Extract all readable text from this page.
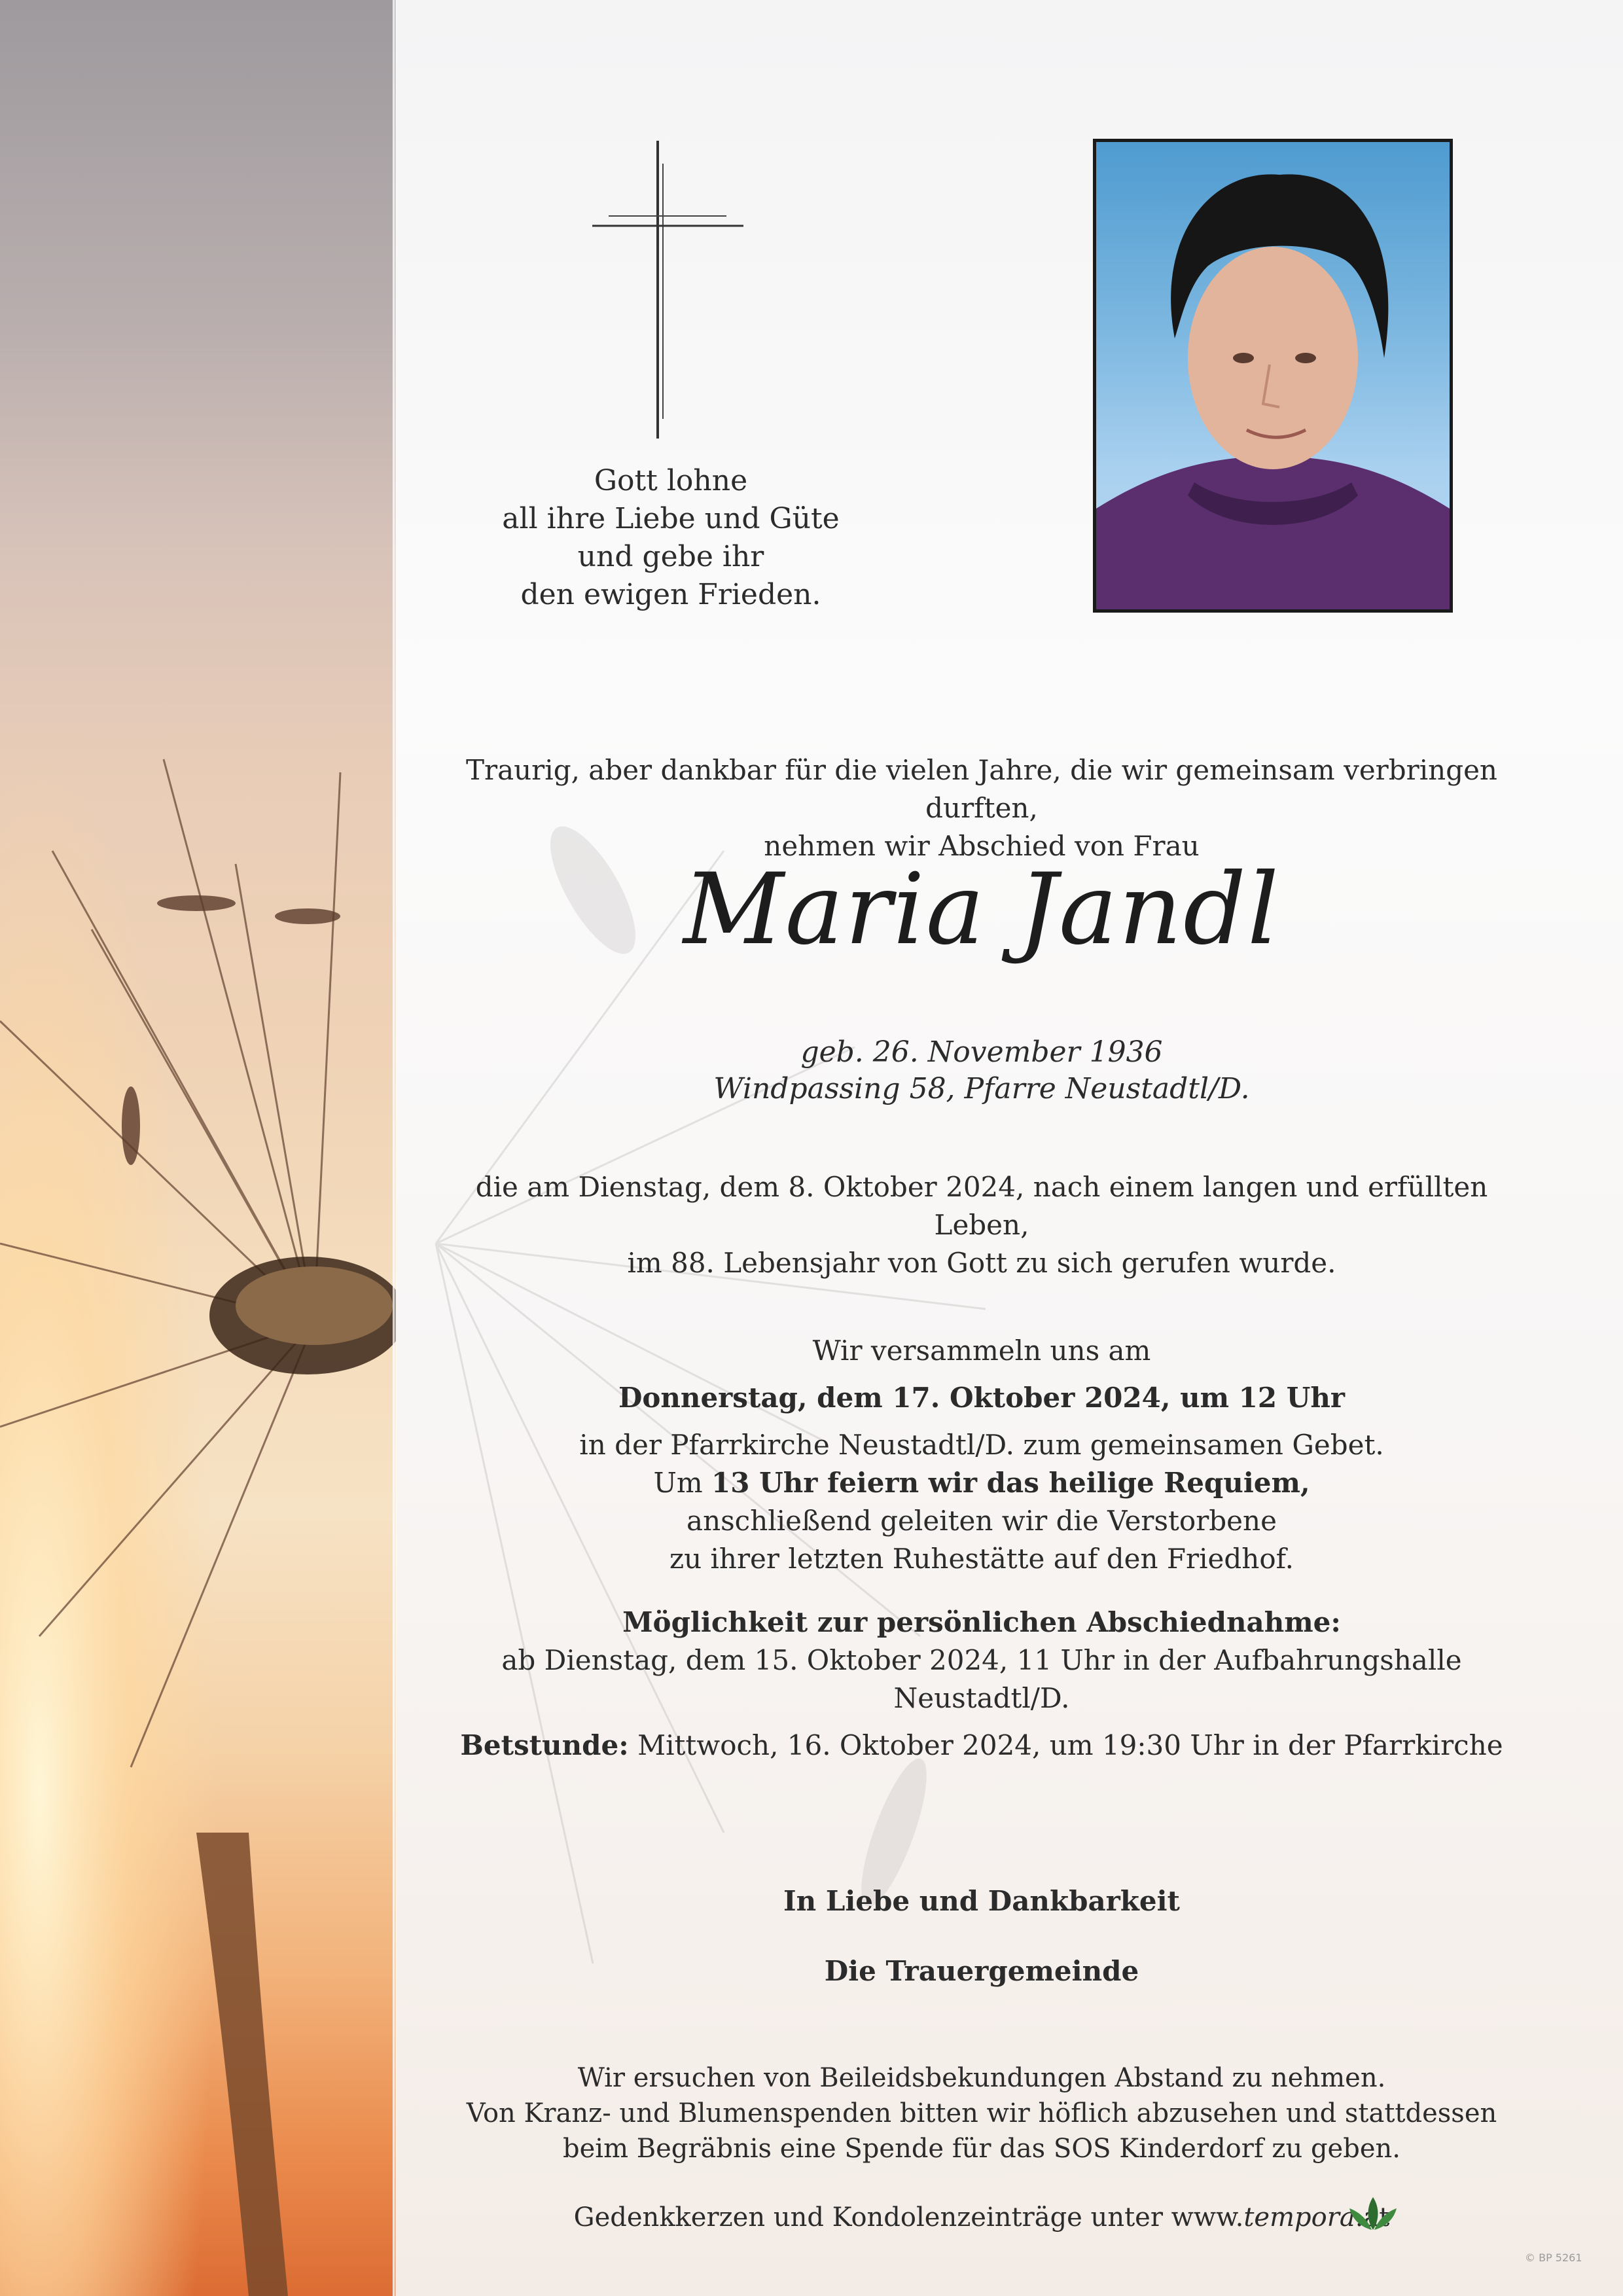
Gott lohne
all ihre Liebe und Güte
und gebe ihr
den ewigen Frieden.
Traurig, aber dankbar für die vielen Jahre, die wir gemeinsam verbringen durften,
nehmen wir Abschied von Frau
Maria Jandl
geb. 26. November 1936
Windpassing 58, Pfarre Neustadtl/D.
die am Dienstag, dem 8. Oktober 2024, nach einem langen und erfüllten Leben,
im 88. Lebensjahr von Gott zu sich gerufen wurde.
Wir versammeln uns am
Donnerstag, dem 17. Oktober 2024, um 12 Uhr
in der Pfarrkirche Neustadtl/D. zum gemeinsamen Gebet.
Um 13 Uhr feiern wir das heilige Requiem,
anschließend geleiten wir die Verstorbene
zu ihrer letzten Ruhestätte auf den Friedhof.
Möglichkeit zur persönlichen Abschiednahme:
ab Dienstag, dem 15. Oktober 2024, 11 Uhr in der Aufbahrungshalle Neustadtl/D.
Betstunde: Mittwoch, 16. Oktober 2024, um 19:30 Uhr in der Pfarrkirche
In Liebe und Dankbarkeit
Die Trauergemeinde
Wir ersuchen von Beileidsbekundungen Abstand zu nehmen.
Von Kranz- und Blumenspenden bitten wir höflich abzusehen und stattdessen
beim Begräbnis eine Spende für das SOS Kinderdorf zu geben.
Gedenkkerzen und Kondolenzeinträge unter www.tempora
© BP 5261
